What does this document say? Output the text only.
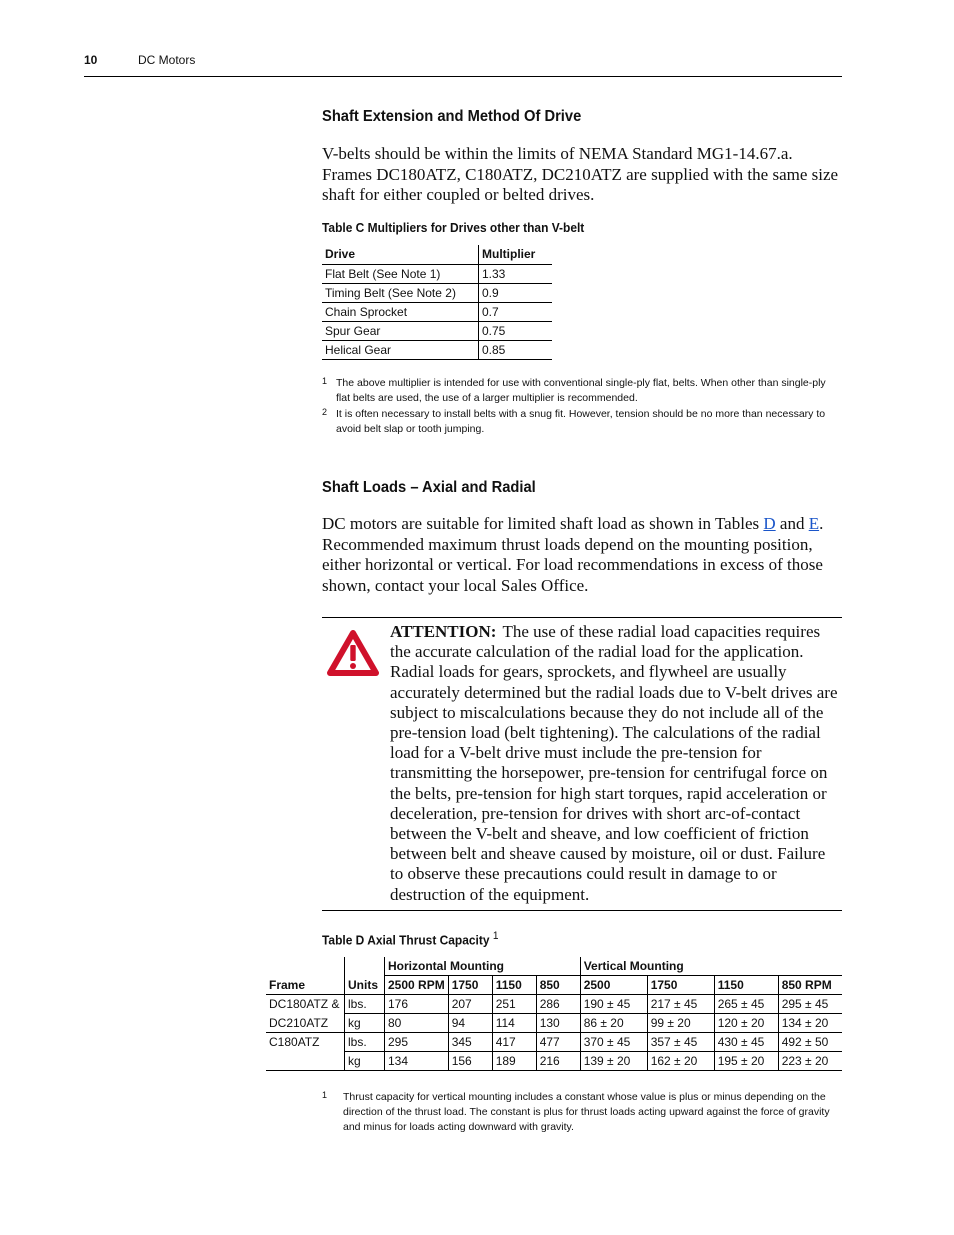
10	DC Motors
Shaft Extension and Method Of Drive
V-belts should be within the limits of NEMA Standard MG1-14.67.a. Frames DC180ATZ, C180ATZ, DC210ATZ are supplied with the same size shaft for either coupled or belted drives.
Table C Multipliers for Drives other than V-belt
Drive	Multiplier
Flat Belt (See Note 1)	1.33
Timing Belt (See Note 2)	0.9
Chain Sprocket	0.7
Spur Gear	0.75
Helical Gear	0.85
1 The above multiplier is intended for use with conventional single-ply flat, belts. When other than single-ply flat belts are used, the use of a larger multiplier is recommended.
2 It is often necessary to install belts with a snug fit. However, tension should be no more than necessary to avoid belt slap or tooth jumping.
Shaft Loads – Axial and Radial
DC motors are suitable for limited shaft load as shown in Tables D and E. Recommended maximum thrust loads depend on the mounting position, either horizontal or vertical. For load recommendations in excess of those shown, contact your local Sales Office.
ATTENTION: The use of these radial load capacities requires the accurate calculation of the radial load for the application. Radial loads for gears, sprockets, and flywheel are usually accurately determined but the radial loads due to V-belt drives are subject to miscalculations because they do not include all of the pre-tension load (belt tightening). The calculations of the radial load for a V-belt drive must include the pre-tension for transmitting the horsepower, pre-tension for centrifugal force on the belts, pre-tension for high start torques, rapid acceleration or deceleration, pre-tension for drives with short arc-of-contact between the V-belt and sheave, and low coefficient of friction between belt and sheave caused by moisture, oil or dust. Failure to observe these precautions could result in damage to or destruction of the equipment.
Table D Axial Thrust Capacity $^1$
		Horizontal Mounting				Vertical Mounting			
Frame	Units	2500 RPM	1750	1150	850	2500	1750	1150	850 RPM
DC180ATZ &	lbs.	176	207	251	286	190 ± 45	217 ± 45	265 ± 45	295 ± 45
DC210ATZ	kg	80	94	114	130	86 ± 20	99 ± 20	120 ± 20	134 ± 20
C180ATZ	lbs.	295	345	417	477	370 ± 45	357 ± 45	430 ± 45	492 ± 50
	kg	134	156	189	216	139 ± 20	162 ± 20	195 ± 20	223 ± 20
1 Thrust capacity for vertical mounting includes a constant whose value is plus or minus depending on the direction of the thrust load. The constant is plus for thrust loads acting upward against the force of gravity and minus for loads acting downward with gravity.
